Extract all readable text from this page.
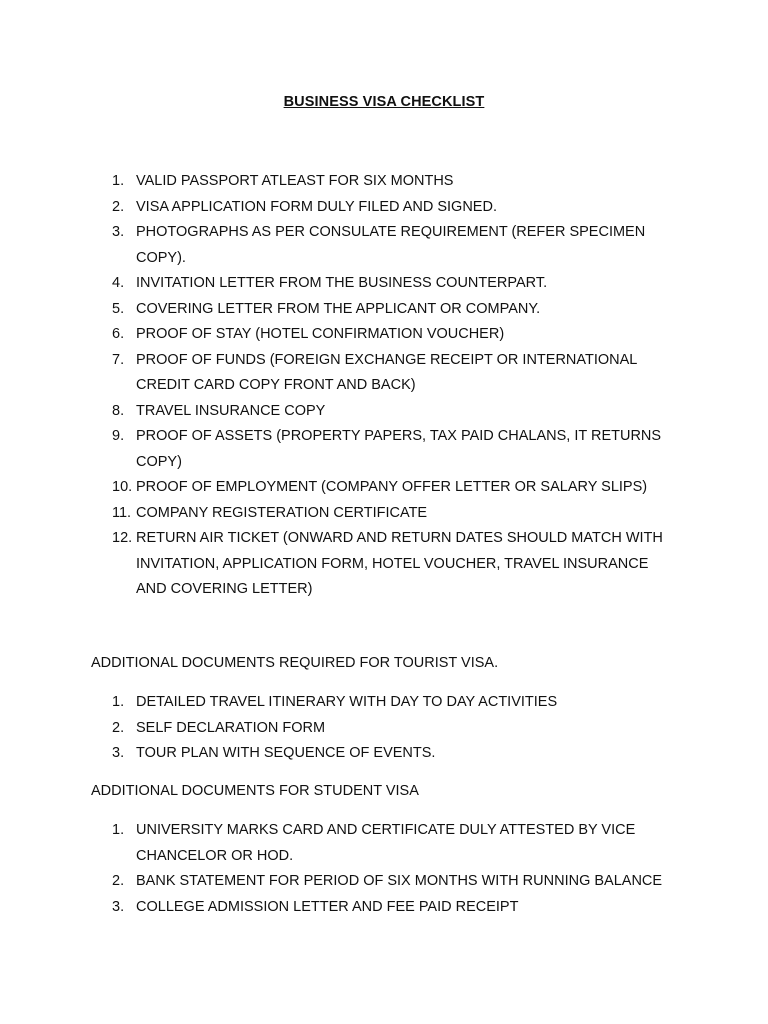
BUSINESS VISA CHECKLIST
1. VALID PASSPORT ATLEAST FOR SIX MONTHS
2. VISA APPLICATION FORM DULY FILED AND SIGNED.
3. PHOTOGRAPHS AS PER CONSULATE REQUIREMENT (REFER SPECIMEN COPY).
4. INVITATION LETTER FROM THE BUSINESS COUNTERPART.
5. COVERING LETTER FROM THE APPLICANT OR COMPANY.
6. PROOF OF STAY (HOTEL CONFIRMATION VOUCHER)
7. PROOF OF FUNDS (FOREIGN EXCHANGE RECEIPT OR INTERNATIONAL CREDIT CARD COPY FRONT AND BACK)
8. TRAVEL INSURANCE COPY
9. PROOF OF ASSETS (PROPERTY PAPERS, TAX PAID CHALANS, IT RETURNS COPY)
10. PROOF OF EMPLOYMENT (COMPANY OFFER LETTER OR SALARY SLIPS)
11. COMPANY REGISTERATION CERTIFICATE
12. RETURN AIR TICKET (ONWARD AND RETURN DATES SHOULD MATCH WITH INVITATION, APPLICATION FORM, HOTEL VOUCHER, TRAVEL INSURANCE AND COVERING LETTER)

ADDITIONAL DOCUMENTS REQUIRED FOR TOURIST VISA.

1. DETAILED TRAVEL ITINERARY WITH DAY TO DAY ACTIVITIES
2. SELF DECLARATION FORM
3. TOUR PLAN WITH SEQUENCE OF EVENTS.

ADDITIONAL DOCUMENTS FOR STUDENT VISA

1. UNIVERSITY MARKS CARD AND CERTIFICATE DULY ATTESTED BY VICE CHANCELOR OR HOD.
2. BANK STATEMENT FOR PERIOD OF SIX MONTHS WITH RUNNING BALANCE
3. COLLEGE ADMISSION LETTER AND FEE PAID RECEIPT
